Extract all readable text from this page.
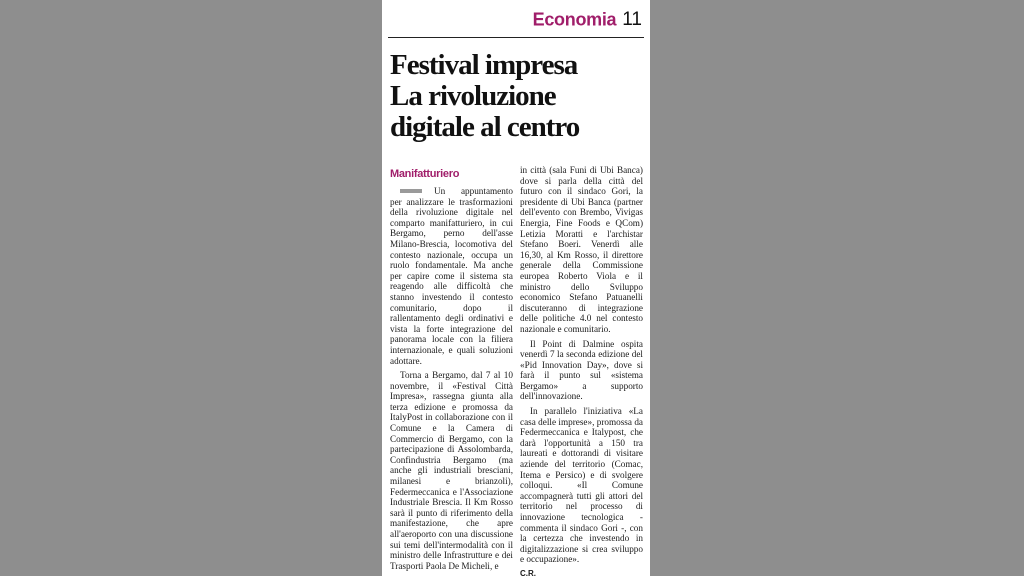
Economia 11
Festival impresa
La rivoluzione
digitale al centro
Manifatturiero

Un appuntamento per analizzare le trasformazioni della rivoluzione digitale nel comparto manifatturiero, in cui Bergamo, perno dell'asse Milano-Brescia, locomotiva del contesto nazionale, occupa un ruolo fondamentale. Ma anche per capire come il sistema sta reagendo alle difficoltà che stanno investendo il contesto comunitario, dopo il rallentamento degli ordinativi e vista la forte integrazione del panorama locale con la filiera internazionale, e quali soluzioni adottare.

Torna a Bergamo, dal 7 al 10 novembre, il «Festival Città Impresa», rassegna giunta alla terza edizione e promossa da ItalyPost in collaborazione con il Comune e la Camera di Commercio di Bergamo, con la partecipazione di Assolombarda, Confindustria Bergamo (ma anche gli industriali bresciani, milanesi e brianzoli), Federmeccanica e l'Associazione Industriale Brescia. Il Km Rosso sarà il punto di riferimento della manifestazione, che apre all'aeroporto con una discussione sui temi dell'intermodalità con il ministro delle Infrastrutture e dei Trasporti Paola De Micheli, e

in città (sala Funi di Ubi Banca) dove si parla della città del futuro con il sindaco Gori, la presidente di Ubi Banca (partner dell'evento con Brembo, Vivigas Energia, Fine Foods e QCom) Letizia Moratti e l'archistar Stefano Boeri. Venerdì alle 16,30, al Km Rosso, il direttore generale della Commissione europea Roberto Viola e il ministro dello Sviluppo economico Stefano Patuanelli discuteranno di integrazione delle politiche 4.0 nel contesto nazionale e comunitario.

Il Point di Dalmine ospita venerdì 7 la seconda edizione del «Pid Innovation Day», dove si farà il punto sul «sistema Bergamo» a supporto dell'innovazione.

In parallelo l'iniziativa «La casa delle imprese», promossa da Federmeccanica e Italypost, che darà l'opportunità a 150 tra laureati e dottorandi di visitare aziende del territorio (Comac, Itema e Persico) e di svolgere colloqui. «Il Comune accompagnerà tutti gli attori del territorio nel processo di innovazione tecnologica - commenta il sindaco Gori -, con la certezza che investendo in digitalizzazione si crea sviluppo e occupazione».

C.R.
